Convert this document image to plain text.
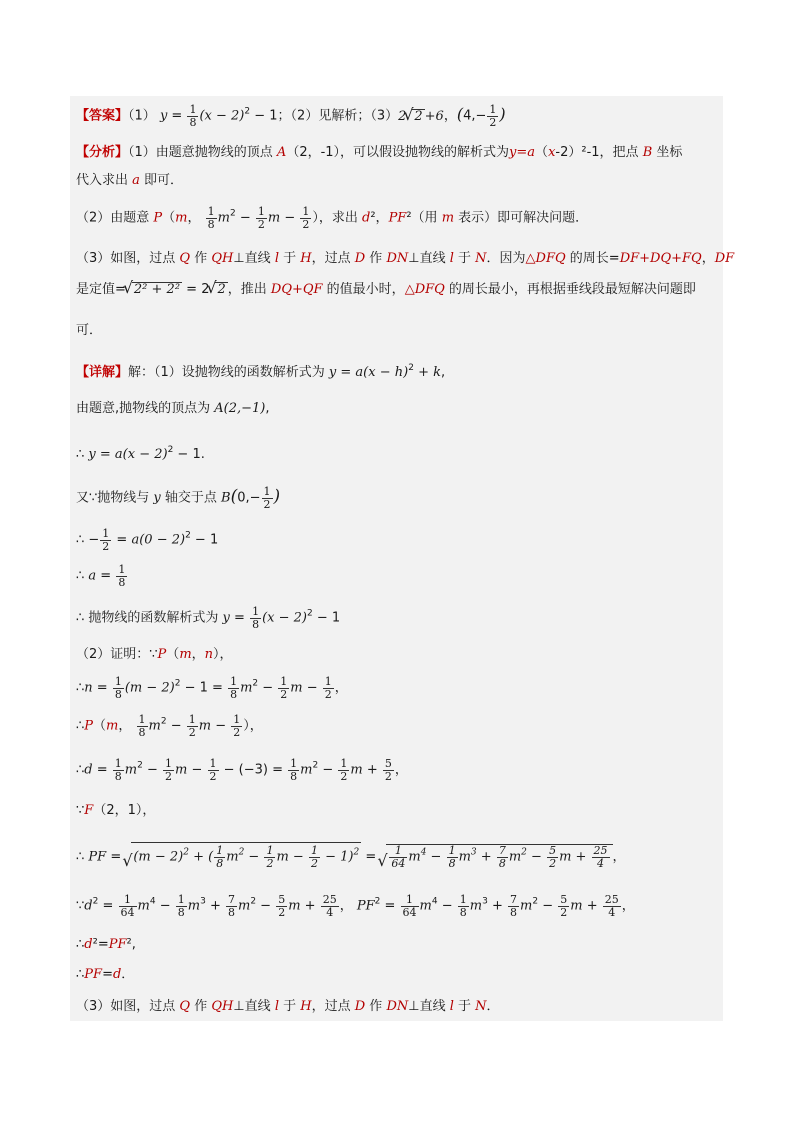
【答案】（1） $y = \frac{1}{8} (x - 2)^2 - 1$；（2）见解析；（3）2 √ 2 +6，($4,- \frac{1}{2}$ )
【分析】（1）由题意抛物线的顶点 A（2，-1），可以假设抛物线的解析式为y=a（x-2）²-1，把点 B 坐标
代入求出 a 即可．
（2）由题意 P（m， $\frac{1}{8} m^2 - \frac{1}{2}$ $m - \frac{1}{2}$ ），求出 d²，PF²（用 m 表示）即可解决问题．
（3）如图，过点 Q 作 QH⊥直线 l 于 H，过点 D 作 DN⊥直线 l 于 N．因为△DFQ 的周长=DF+DQ+FQ，DF
是定值= √ 2² + 2² = 2 √ 2 ，推出 DQ+QF 的值最小时，△DFQ 的周长最小，再根据垂线段最短解决问题即
可．
【详解】解：（1）设抛物线的函数解析式为 $y = a(x - h)^2 + k$,
由题意,抛物线的顶点为 A(2,−1),
∴ $y = a(x - 2)^2 - 1$.
又∵抛物线与 y 轴交于点 $B(0,- \frac{1}{2}$ )
∴ − $\frac{1}{2} = a(0 - 2)^2 - 1$
∴ $a = \frac{1}{8}$
∴ 抛物线的函数解析式为 $y = \frac{1}{8} (x - 2)^2 - 1$
（2）证明：∵P（m，n），
∴n = $\frac{1}{8} (m - 2)^2 - 1 = \frac{1}{8} m^2 - \frac{1}{2}$ $m - \frac{1}{2}$ ，
∴P（m， $\frac{1}{8} m^2 - \frac{1}{2}$ $m - \frac{1}{2}$ ），
∴d = $\frac{1}{8} m^2 - \frac{1}{2}$ $m - \frac{1}{2} - (-3) = \frac{1}{8} m^2 - \frac{1}{2}$ $m + \frac{5}{2}$ ，
∵F（2，1），
∴ PF = √ $(m - 2)^2$ + ( $\frac{1}{8} m^2 - \frac{1}{2}$ $m - \frac{1}{2} - 1)^2$ = √ $\frac{1}{64} m^4 - \frac{1}{8} m^3 + \frac{7}{8} m^2 - \frac{5}{2}$ $m + \frac{25}{4}$ ，
$\because d^2 = \frac{1}{64} m^4 - \frac{1}{8} m^3 + \frac{7}{8} m^2 - \frac{5}{2}$ $m + \frac{25}{4}$ ， $PF^2 = \frac{1}{64} m^4 - \frac{1}{8} m^3 + \frac{7}{8} m^2 - \frac{5}{2}$ $m + \frac{25}{4}$ ，
∴d²=PF²,
∴PF=d．
（3）如图，过点 Q 作 QH⊥直线 l 于 H，过点 D 作 DN⊥直线 l 于 N．
